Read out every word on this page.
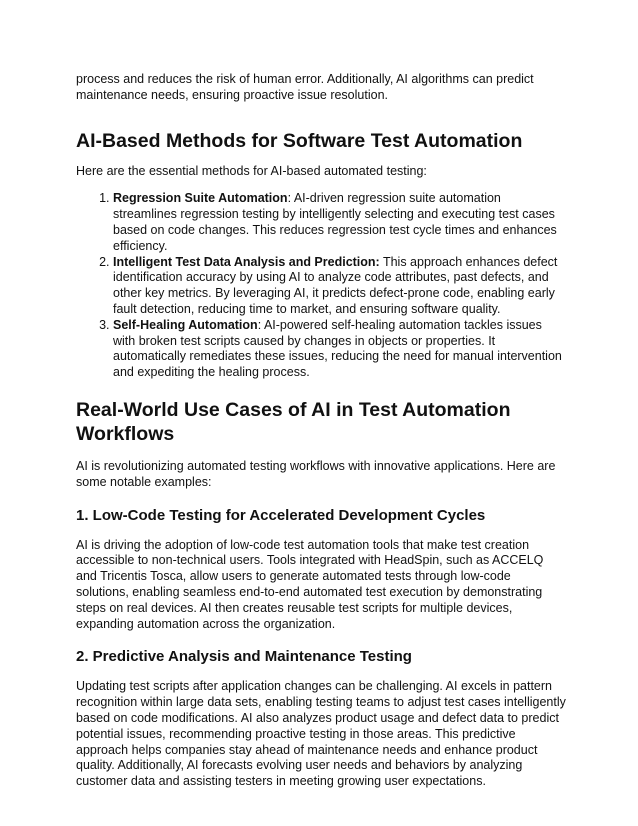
process and reduces the risk of human error. Additionally, AI algorithms can predict maintenance needs, ensuring proactive issue resolution.

AI-Based Methods for Software Test Automation

Here are the essential methods for AI-based automated testing:

1. Regression Suite Automation: AI-driven regression suite automation streamlines regression testing by intelligently selecting and executing test cases based on code changes. This reduces regression test cycle times and enhances efficiency.
2. Intelligent Test Data Analysis and Prediction: This approach enhances defect identification accuracy by using AI to analyze code attributes, past defects, and other key metrics. By leveraging AI, it predicts defect-prone code, enabling early fault detection, reducing time to market, and ensuring software quality.
3. Self-Healing Automation: AI-powered self-healing automation tackles issues with broken test scripts caused by changes in objects or properties. It automatically remediates these issues, reducing the need for manual intervention and expediting the healing process.
Real-World Use Cases of AI in Test Automation Workflows

AI is revolutionizing automated testing workflows with innovative applications. Here are some notable examples:

1. Low-Code Testing for Accelerated Development Cycles

AI is driving the adoption of low-code test automation tools that make test creation accessible to non-technical users. Tools integrated with HeadSpin, such as ACCELQ and Tricentis Tosca, allow users to generate automated tests through low-code solutions, enabling seamless end-to-end automated test execution by demonstrating steps on real devices. AI then creates reusable test scripts for multiple devices, expanding automation across the organization.

2. Predictive Analysis and Maintenance Testing

Updating test scripts after application changes can be challenging. AI excels in pattern recognition within large data sets, enabling testing teams to adjust test cases intelligently based on code modifications. AI also analyzes product usage and defect data to predict potential issues, recommending proactive testing in those areas. This predictive approach helps companies stay ahead of maintenance needs and enhance product quality. Additionally, AI forecasts evolving user needs and behaviors by analyzing customer data and assisting testers in meeting growing user expectations.
